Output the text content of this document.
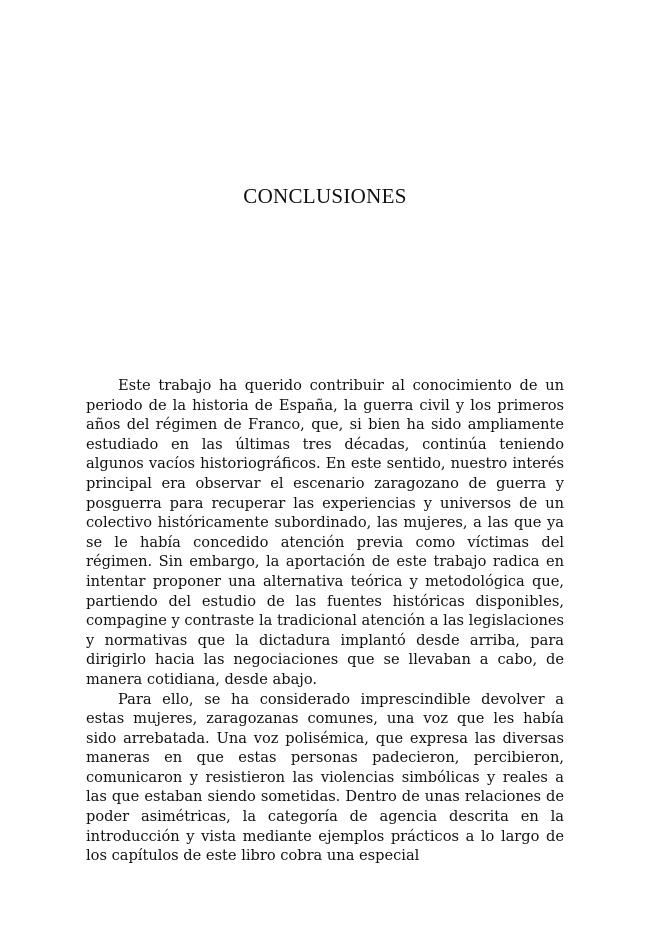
CONCLUSIONES

Este trabajo ha querido contribuir al conocimiento de un periodo de la historia de España, la guerra civil y los primeros años del régimen de Franco, que, si bien ha sido ampliamente estudiado en las últimas tres décadas, continúa teniendo algunos vacíos historiográficos. En este sentido, nuestro interés principal era observar el escenario zaragozano de guerra y posguerra para recuperar las experiencias y universos de un colectivo históricamente subordinado, las mujeres, a las que ya se le había concedido atención previa como víctimas del régimen. Sin embargo, la aportación de este trabajo radica en intentar proponer una alternativa teórica y metodológica que, partiendo del estudio de las fuentes históricas disponibles, compagine y contraste la tradicional atención a las legislaciones y normativas que la dictadura implantó desde arriba, para dirigirlo hacia las negociaciones que se llevaban a cabo, de manera cotidiana, desde abajo.

Para ello, se ha considerado imprescindible devolver a estas mujeres, zaragozanas comunes, una voz que les había sido arrebatada. Una voz polisémica, que expresa las diversas maneras en que estas personas padecieron, percibieron, comunicaron y resistieron las violencias simbólicas y reales a las que estaban siendo sometidas. Dentro de unas relaciones de poder asimétricas, la categoría de agencia descrita en la introducción y vista mediante ejemplos prácticos a lo largo de los capítulos de este libro cobra una especial
